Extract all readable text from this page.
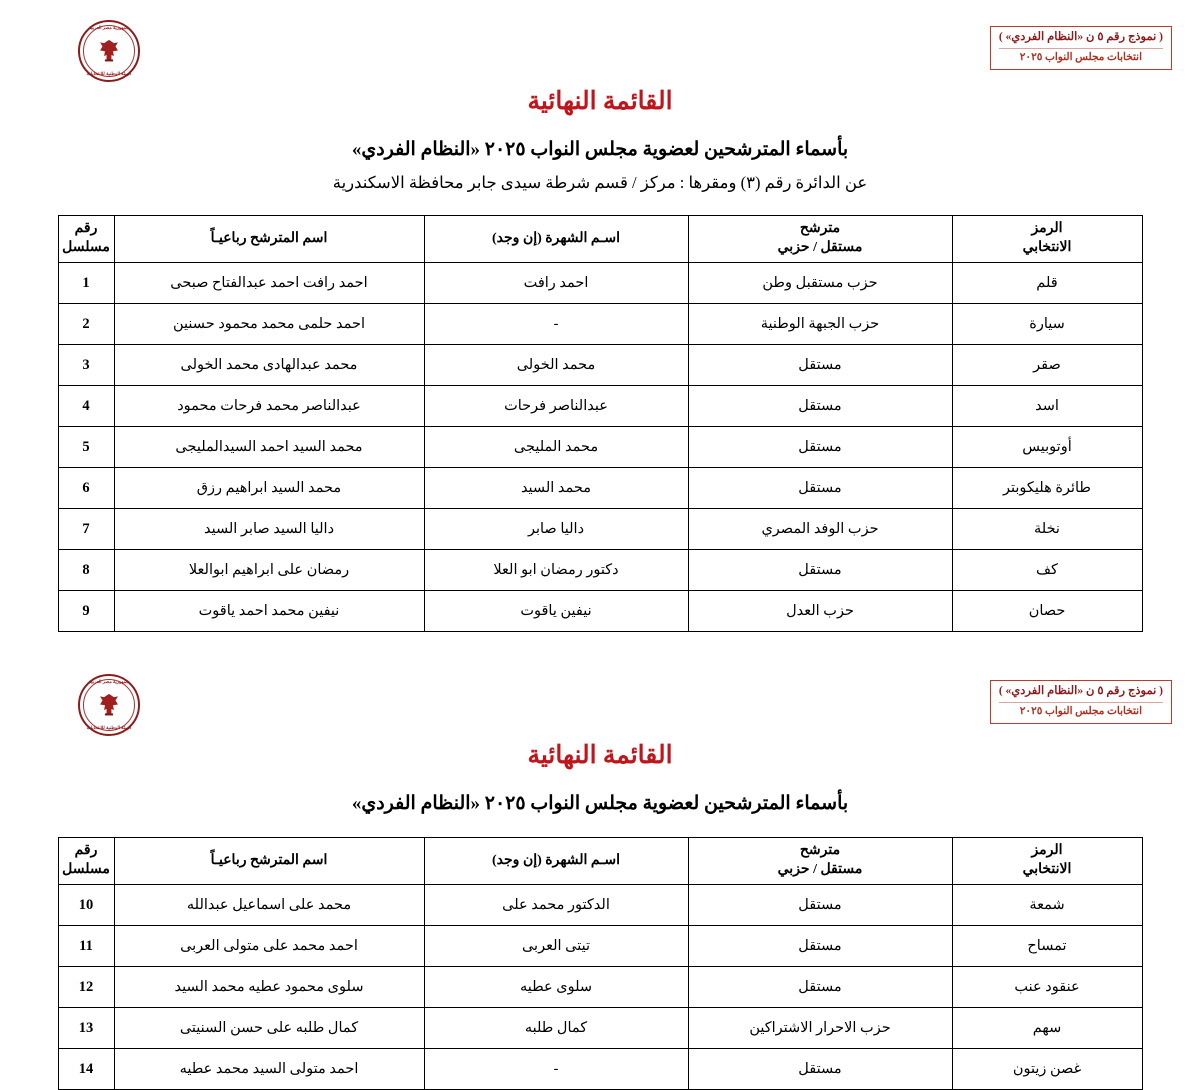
( نموذج رقم ٥ ن «النظام الفردي» )
انتخابات مجلس النواب ٢٠٢٥
جمهورية مصر العربية
الهيئة الوطنية للانتخابات
القائمة النهائية
بأسماء المترشحين لعضوية مجلس النواب ٢٠٢٥ «النظام الفردي»
عن الدائرة رقم (٣) ومقرها : مركز / قسم شرطة سيدى جابر محافظة الاسكندرية
الرمز
الانتخابي	مترشح
مستقل / حزبي	اسـم الشهرة (إن وجد)	اسم المترشح رباعيـاً	رقم
مسلسل

قلم	حزب مستقبل وطن	احمد رافت	احمد رافت احمد عبدالفتاح صبحى	1
سيارة	حزب الجبهة الوطنية	-	احمد حلمى محمد محمود حسنين	2
صقر	مستقل	محمد الخولى	محمد عبدالهادى محمد الخولى	3
اسد	مستقل	عبدالناصر فرحات	عبدالناصر محمد فرحات محمود	4
أوتوبيس	مستقل	محمد المليجى	محمد السيد احمد السيدالمليجى	5
طائرة هليكوبتر	مستقل	محمد السيد	محمد السيد ابراهيم رزق	6
نخلة	حزب الوفد المصري	داليا صابر	داليا السيد صابر السيد	7
كف	مستقل	دكتور رمضان ابو العلا	رمضان على ابراهيم ابوالعلا	8
حصان	حزب العدل	نيفين ياقوت	نيفين محمد احمد ياقوت	9
( نموذج رقم ٥ ن «النظام الفردي» )
انتخابات مجلس النواب ٢٠٢٥
جمهورية مصر العربية
الهيئة الوطنية للانتخابات
القائمة النهائية
بأسماء المترشحين لعضوية مجلس النواب ٢٠٢٥ «النظام الفردي»
الرمز
الانتخابي	مترشح
مستقل / حزبي	اسـم الشهرة (إن وجد)	اسم المترشح رباعيـاً	رقم
مسلسل

شمعة	مستقل	الدكتور محمد على	محمد على اسماعيل عبدالله	10
تمساح	مستقل	تيتى العربى	احمد محمد على متولى العربى	11
عنقود عنب	مستقل	سلوى عطيه	سلوى محمود عطيه محمد السيد	12
سهم	حزب الاحرار الاشتراكين	كمال طلبه	كمال طلبه على حسن السنيتى	13
غصن زيتون	مستقل	-	احمد متولى السيد محمد عطيه	14
